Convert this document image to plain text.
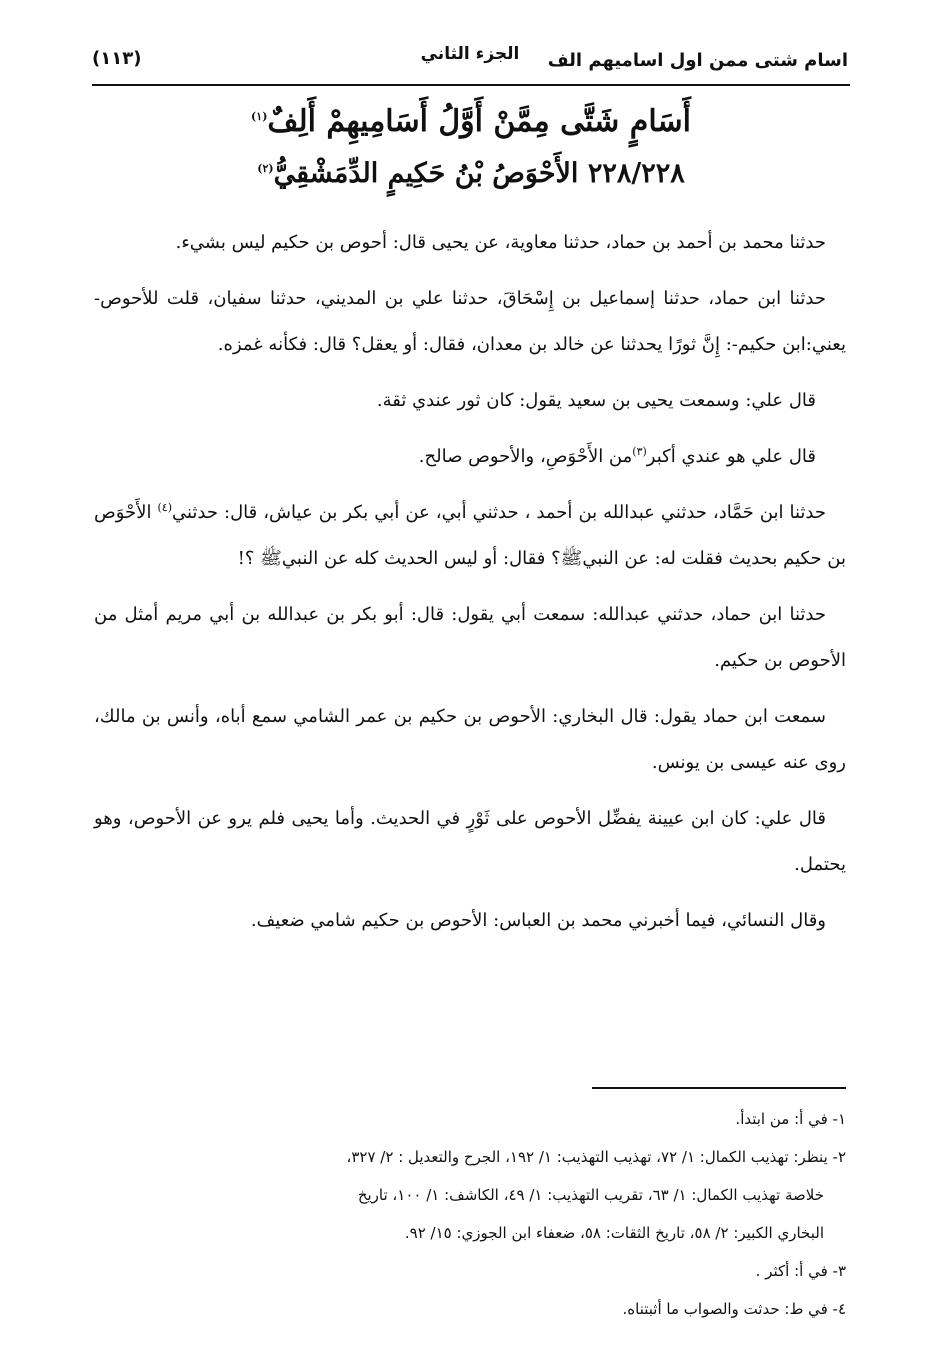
اسام شتى ممن اول اساميهم الف
الجزء الثاني
(١١٣)
أَسَامٍ شَتَّى مِمَّنْ أَوَّلُ أَسَامِيهِمْ أَلِفٌ$^{(١)}$
٢٢٨/٢٢٨ الأَحْوَصُ بْنُ حَكِيمٍ الدِّمَشْقِيُّ$^{(٢)}$

حدثنا محمد بن أحمد بن حماد، حدثنا معاوية، عن يحيى قال: أحوص بن حكيم ليس بشيء.

حدثنا ابن حماد، حدثنا إسماعيل بن إِسْحَاقَ، حدثنا علي بن المديني، حدثنا سفيان، قلت للأحوص-يعني:ابن حكيم-: إِنَّ ثورًا يحدثنا عن خالد بن معدان، فقال: أو يعقل؟ قال: فكأنه غمزه.

قال علي: وسمعت يحيى بن سعيد يقول: كان ثور عندي ثقة.

قال علي هو عندي أكبر$^{(٣)}$من الأَحْوَصِ، والأحوص صالح.

حدثنا ابن حَمَّاد، حدثني عبدالله بن أحمد ، حدثني أبي، عن أبي بكر بن عياش، قال: حدثني$^{(٤)}$ الأَحْوَص بن حكيم بحديث فقلت له: عن النبيﷺ؟ فقال: أو ليس الحديث كله عن النبيﷺ ؟!

حدثنا ابن حماد، حدثني عبدالله: سمعت أبي يقول: قال: أبو بكر بن عبدالله بن أبي مريم أمثل من الأحوص بن حكيم.

سمعت ابن حماد يقول: قال البخاري: الأحوص بن حكيم بن عمر الشامي سمع أباه، وأنس بن مالك، روى عنه عيسى بن يونس.

قال علي: كان ابن عيينة يفضِّل الأحوص على ثَوْرٍ في الحديث. وأما يحيى فلم يرو عن الأحوص، وهو يحتمل.

وقال النسائي، فيما أخبرني محمد بن العباس: الأحوص بن حكيم شامي ضعيف.

١- في أ: من ابتدأ.
٢- ينظر: تهذيب الكمال: ١/ ٧٢، تهذيب التهذيب: ١/ ١٩٢، الجرح والتعديل : ٢/ ٣٢٧،
خلاصة تهذيب الكمال: ١/ ٦٣، تقريب التهذيب: ١/ ٤٩، الكاشف: ١/ ١٠٠، تاريخ
البخاري الكبير: ٢/ ٥٨، تاريخ الثقات: ٥٨، ضعفاء ابن الجوزي: ١٥/ ٩٢.
٣- في أ: أكثر .
٤- في ط: حدثت والصواب ما أثبتناه.
